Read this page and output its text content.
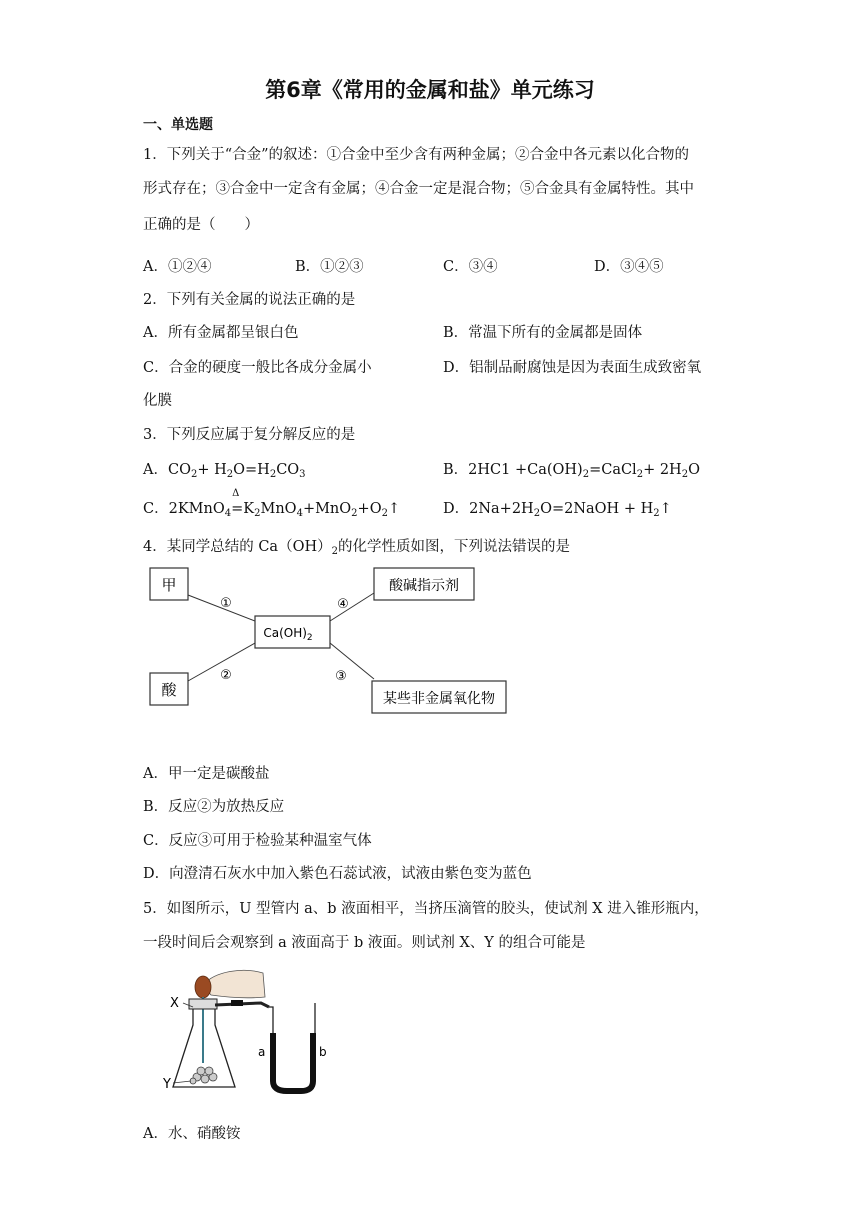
第6章《常用的金属和盐》单元练习
一、单选题
1．下列关于“合金”的叙述：①合金中至少含有两种金属；②合金中各元素以化合物的
形式存在；③合金中一定含有金属；④合金一定是混合物；⑤合金具有金属特性。其中
正确的是（　　）
A．①②④	B．①②③	C．③④	D．③④⑤
2．下列有关金属的说法正确的是
A．所有金属都呈银白色	B．常温下所有的金属都是固体
C．合金的硬度一般比各成分金属小	D．铝制品耐腐蚀是因为表面生成致密氧
化膜
3．下列反应属于复分解反应的是
A．$CO_2+ H_2O=H_2CO_3$	B．$2HC1 +Ca(OH)_2=CaCl_2+ 2H_2O$
C．2KMnO$_4$
Δ
$=K_2MnO_4+MnO_2+O_2↑$	D．$2Na+2H_2O=2NaOH$ + $H_2↑$
4．某同学总结的 $Ca(OH)_2$的化学性质如图，下列说法错误的是
甲
酸
酸碱指示剂
某些非金属氧化物
$Ca(OH)_2$
①
②	③
④
A．甲一定是碳酸盐
B．反应②为放热反应
C．反应③可用于检验某种温室气体
D．向澄清石灰水中加入紫色石蕊试液，试液由紫色变为蓝色
5．如图所示，U 型管内 a、b 液面相平，当挤压滴管的胶头，使试剂 X 进入锥形瓶内，
一段时间后会观察到 a 液面高于 b 液面。则试剂 X、Y 的组合可能是
X
Y
a	b
A．水、硝酸铵
